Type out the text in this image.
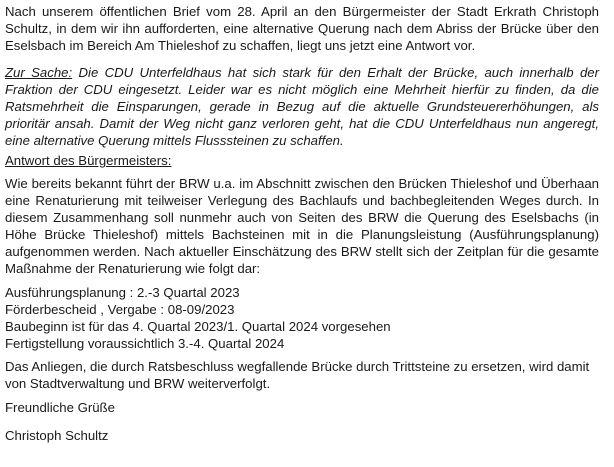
Nach unserem öffentlichen Brief vom 28. April an den Bürgermeister der Stadt Erkrath Christoph Schultz, in dem wir ihn aufforderten, eine alternative Querung nach dem Abriss der Brücke über den Eselsbach im Bereich Am Thieleshof zu schaffen, liegt uns jetzt eine Antwort vor.

Zur Sache: Die CDU Unterfeldhaus hat sich stark für den Erhalt der Brücke, auch innerhalb der Fraktion der CDU eingesetzt. Leider war es nicht möglich eine Mehrheit hierfür zu finden, da die Ratsmehrheit die Einsparungen, gerade in Bezug auf die aktuelle Grundsteuererhöhungen, als prioritär ansah. Damit der Weg nicht ganz verloren geht, hat die CDU Unterfeldhaus nun angeregt, eine alternative Querung mittels Flusssteinen zu schaffen.

Antwort des Bürgermeisters:

Wie bereits bekannt führt der BRW u.a. im Abschnitt zwischen den Brücken Thieleshof und Überhaan eine Renaturierung mit teilweiser Verlegung des Bachlaufs und bachbegleitenden Weges durch. In diesem Zusammenhang soll nunmehr auch von Seiten des BRW die Querung des Eselsbachs (in Höhe Brücke Thieleshof) mittels Bachsteinen mit in die Planungsleistung (Ausführungsplanung) aufgenommen werden. Nach aktueller Einschätzung des BRW stellt sich der Zeitplan für die gesamte Maßnahme der Renaturierung wie folgt dar:

Ausführungsplanung : 2.-3 Quartal 2023
Förderbescheid , Vergabe : 08-09/2023
Baubeginn ist für das 4. Quartal 2023/1. Quartal 2024 vorgesehen
Fertigstellung voraussichtlich 3.-4. Quartal 2024

Das Anliegen, die durch Ratsbeschluss wegfallende Brücke durch Trittsteine zu ersetzen, wird damit von Stadtverwaltung und BRW weiterverfolgt.

Freundliche Grüße

Christoph Schultz
